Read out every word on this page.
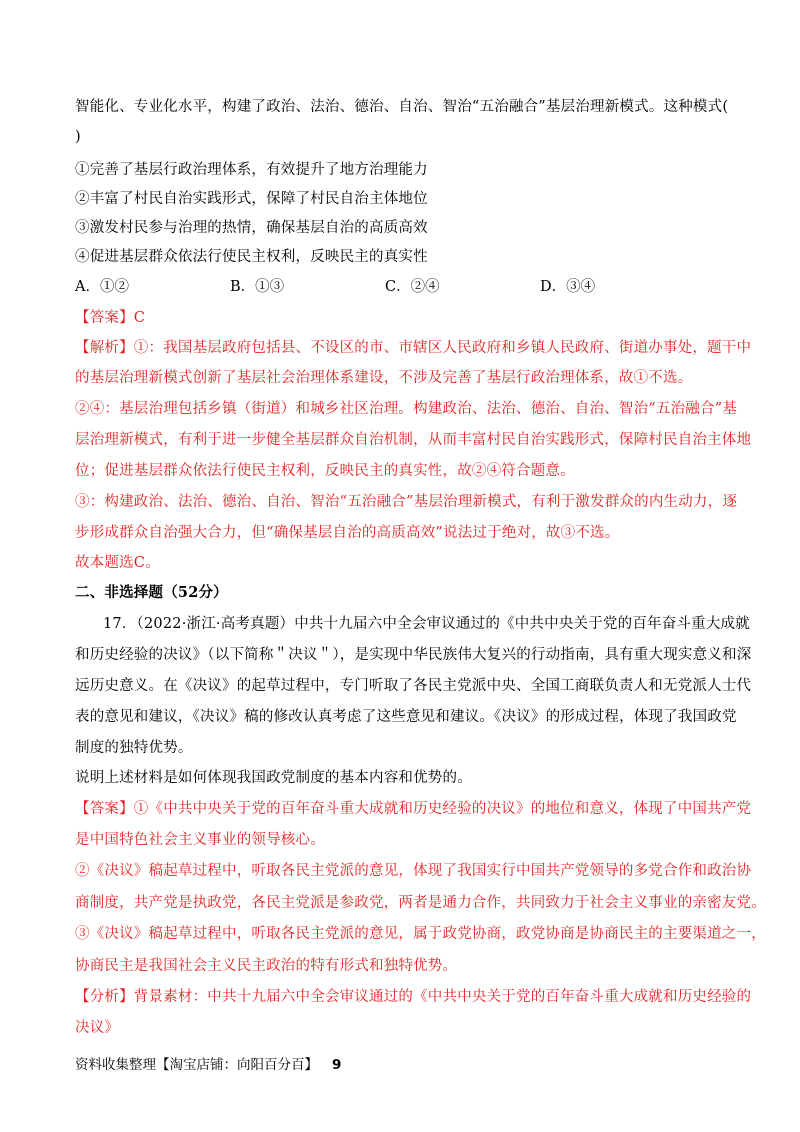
智能化、专业化水平，构建了政治、法治、德治、自治、智治“五治融合”基层治理新模式。这种模式(
)
①完善了基层行政治理体系，有效提升了地方治理能力
②丰富了村民自治实践形式，保障了村民自治主体地位
③激发村民参与治理的热情，确保基层自治的高质高效
④促进基层群众依法行使民主权利，反映民主的真实性
A．①②	B．①③	C．②④	D．③④
【答案】C
【解析】①：我国基层政府包括县、不设区的市、市辖区人民政府和乡镇人民政府、街道办事处，题干中
的基层治理新模式创新了基层社会治理体系建设，不涉及完善了基层行政治理体系，故①不选。
②④：基层治理包括乡镇（街道）和城乡社区治理。构建政治、法治、德治、自治、智治“五治融合”基
层治理新模式，有利于进一步健全基层群众自治机制，从而丰富村民自治实践形式，保障村民自治主体地
位；促进基层群众依法行使民主权利，反映民主的真实性，故②④符合题意。
③：构建政治、法治、德治、自治、智治“五治融合”基层治理新模式，有利于激发群众的内生动力，逐
步形成群众自治强大合力，但“确保基层自治的高质高效”说法过于绝对，故③不选。
故本题选C。
二、非选择题（52分）
17．（2022·浙江·高考真题）中共十九届六中全会审议通过的《中共中央关于党的百年奋斗重大成就
和历史经验的决议》（以下简称＂决议＂），是实现中华民族伟大复兴的行动指南，具有重大现实意义和深
远历史意义。在《决议》的起草过程中，专门听取了各民主党派中央、全国工商联负责人和无党派人士代
表的意见和建议，《决议》稿的修改认真考虑了这些意见和建议。《决议》的形成过程，体现了我国政党
制度的独特优势。
说明上述材料是如何体现我国政党制度的基本内容和优势的。
【答案】①《中共中央关于党的百年奋斗重大成就和历史经验的决议》的地位和意义，体现了中国共产党
是中国特色社会主义事业的领导核心。
②《决议》稿起草过程中，听取各民主党派的意见，体现了我国实行中国共产党领导的多党合作和政治协
商制度，共产党是执政党，各民主党派是参政党，两者是通力合作，共同致力于社会主义事业的亲密友党。
③《决议》稿起草过程中，听取各民主党派的意见，属于政党协商，政党协商是协商民主的主要渠道之一，
协商民主是我国社会主义民主政治的特有形式和独特优势。
【分析】背景素材：中共十九届六中全会审议通过的《中共中央关于党的百年奋斗重大成就和历史经验的
决议》
资料收集整理【淘宝店铺：向阳百分百】 9
